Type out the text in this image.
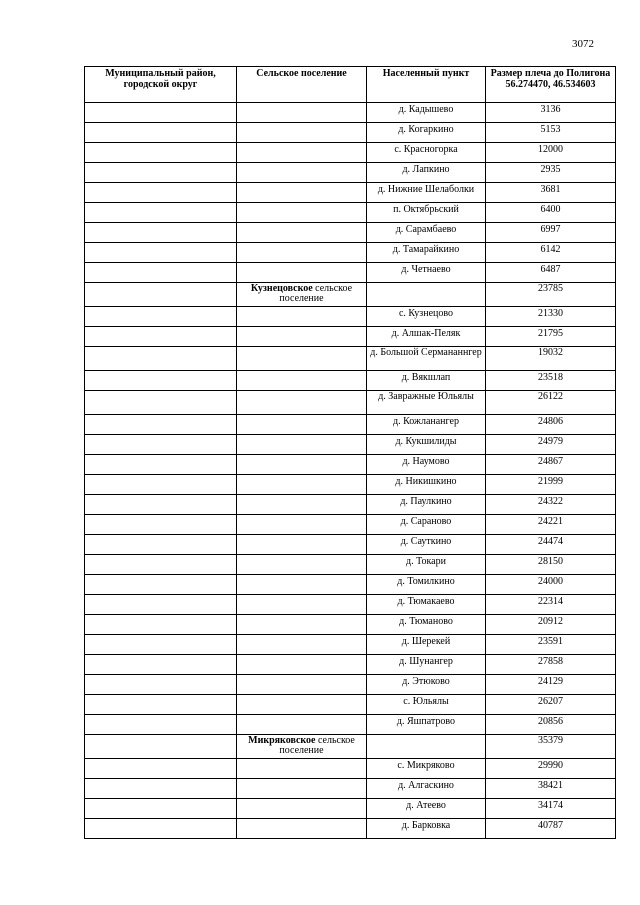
3072
Муниципальный район, городской округ	Сельское поселение	Населенный пункт	Размер плеча до Полигона 56.274470, 46.534603
		д. Кадышево	3136
		д. Когаркино	5153
		с. Красногорка	12000
		д. Лапкино	2935
		д. Нижние Шелаболки	3681
		п. Октябрьский	6400
		д. Сарамбаево	6997
		д. Тамарайкино	6142
		д. Четнаево	6487
	Кузнецовское сельское поселение		23785
		с. Кузнецово	21330
		д. Алшак-Пеляк	21795
		д. Большой Сермананнгер	19032
		д. Вякшлап	23518
		д. Завражные Юльялы	26122
		д. Кожланангер	24806
		д. Кукшилиды	24979
		д. Наумово	24867
		д. Никишкино	21999
		д. Паулкино	24322
		д. Сараново	24221
		д. Сауткино	24474
		д. Токари	28150
		д. Томилкино	24000
		д. Тюмакаево	22314
		д. Тюманово	20912
		д. Шерекей	23591
		д. Шунангер	27858
		д. Этюково	24129
		с. Юльялы	26207
		д. Яшпатрово	20856
	Микряковское сельское поселение		35379
		с. Микряково	29990
		д. Алгаскино	38421
		д. Атеево	34174
		д. Барковка	40787
